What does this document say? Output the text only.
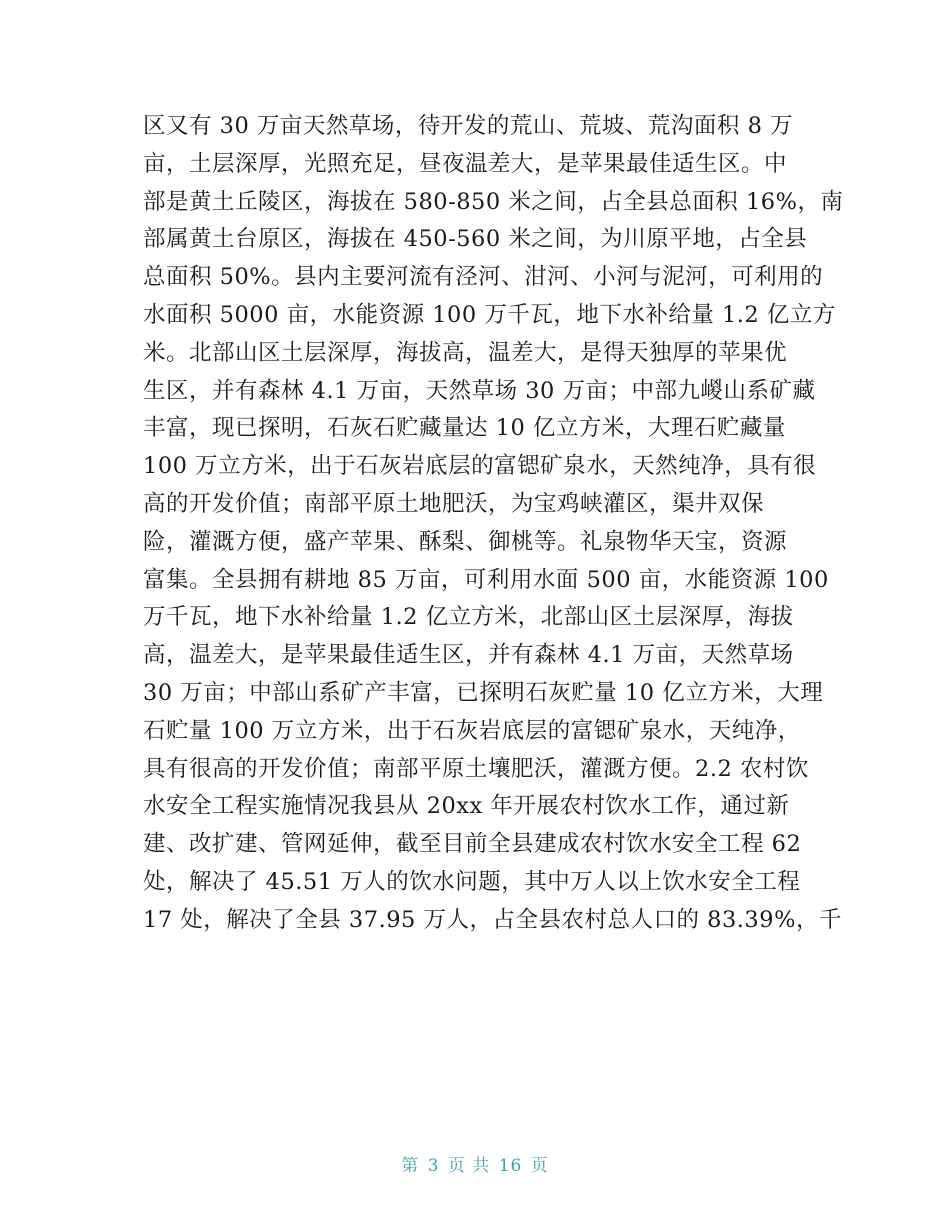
区又有 30 万亩天然草场，待开发的荒山、荒坡、荒沟面积 8 万
亩，土层深厚，光照充足，昼夜温差大，是苹果最佳适生区。中
部是黄土丘陵区，海拔在 580-850 米之间，占全县总面积 16%，南
部属黄土台原区，海拔在 450-560 米之间，为川原平地，占全县
总面积 50%。县内主要河流有泾河、泔河、小河与泥河，可利用的
水面积 5000 亩，水能资源 100 万千瓦，地下水补给量 1.2 亿立方
米。北部山区土层深厚，海拔高，温差大，是得天独厚的苹果优
生区，并有森林 4.1 万亩，天然草场 30 万亩；中部九嵕山系矿藏
丰富，现已探明，石灰石贮藏量达 10 亿立方米，大理石贮藏量
100 万立方米，出于石灰岩底层的富锶矿泉水，天然纯净，具有很
高的开发价值；南部平原土地肥沃，为宝鸡峡灌区，渠井双保
险，灌溉方便，盛产苹果、酥梨、御桃等。礼泉物华天宝，资源
富集。全县拥有耕地 85 万亩，可利用水面 500 亩，水能资源 100
万千瓦，地下水补给量 1.2 亿立方米，北部山区土层深厚，海拔
高，温差大，是苹果最佳适生区，并有森林 4.1 万亩，天然草场
30 万亩；中部山系矿产丰富，已探明石灰贮量 10 亿立方米，大理
石贮量 100 万立方米，出于石灰岩底层的富锶矿泉水，天纯净，
具有很高的开发价值；南部平原土壤肥沃，灌溉方便。2.2 农村饮
水安全工程实施情况我县从 20xx 年开展农村饮水工作，通过新
建、改扩建、管网延伸，截至目前全县建成农村饮水安全工程 62
处，解决了 45.51 万人的饮水问题，其中万人以上饮水安全工程
17 处，解决了全县 37.95 万人，占全县农村总人口的 83.39%，千
第 3 页 共 16 页
